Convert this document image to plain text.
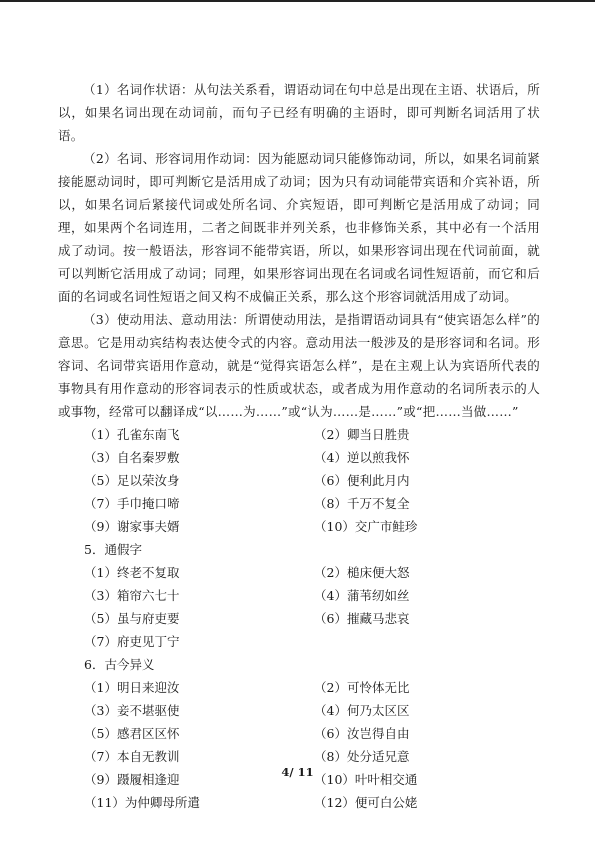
（1）名词作状语：从句法关系看，谓语动词在句中总是出现在主语、状语后，所以，如果名词出现在动词前，而句子已经有明确的主语时，即可判断名词活用了状语。

（2）名词、形容词用作动词：因为能愿动词只能修饰动词，所以，如果名词前紧接能愿动词时，即可判断它是活用成了动词；因为只有动词能带宾语和介宾补语，所以，如果名词后紧接代词或处所名词、介宾短语，即可判断它是活用成了动词；同理，如果两个名词连用，二者之间既非并列关系，也非修饰关系，其中必有一个活用成了动词。按一般语法，形容词不能带宾语，所以，如果形容词出现在代词前面，就可以判断它活用成了动词；同理，如果形容词出现在名词或名词性短语前，而它和后面的名词或名词性短语之间又构不成偏正关系，那么这个形容词就活用成了动词。

（3）使动用法、意动用法：所谓使动用法，是指谓语动词具有“使宾语怎么样”的意思。它是用动宾结构表达使令式的内容。意动用法一般涉及的是形容词和名词。形容词、名词带宾语用作意动，就是“觉得宾语怎么样”，是在主观上认为宾语所代表的事物具有用作意动的形容词表示的性质或状态，或者成为用作意动的名词所表示的人或事物，经常可以翻译成“以……为……”或“认为……是……”或“把……当做……”

（1）孔雀东南飞	（2）卿当日胜贵
（3）自名秦罗敷	（4）逆以煎我怀
（5）足以荣汝身	（6）便利此月内
（7）手巾掩口啼	（8）千万不复全
（9）谢家事夫婿	（10）交广市鲑珍
5．通假字
（1）终老不复取	（2）槌床便大怒
（3）箱帘六七十	（4）蒲苇纫如丝
（5）虽与府吏要	（6）摧藏马悲哀
（7）府吏见丁宁
6．古今异义
（1）明日来迎汝	（2）可怜体无比
（3）妾不堪驱使	（4）何乃太区区
（5）感君区区怀	（6）汝岂得自由
（7）本自无教训	（8）处分适兄意
（9）蹑履相逢迎	（10）叶叶相交通
（11）为仲卿母所遣	（12）便可白公姥
4/ 11
